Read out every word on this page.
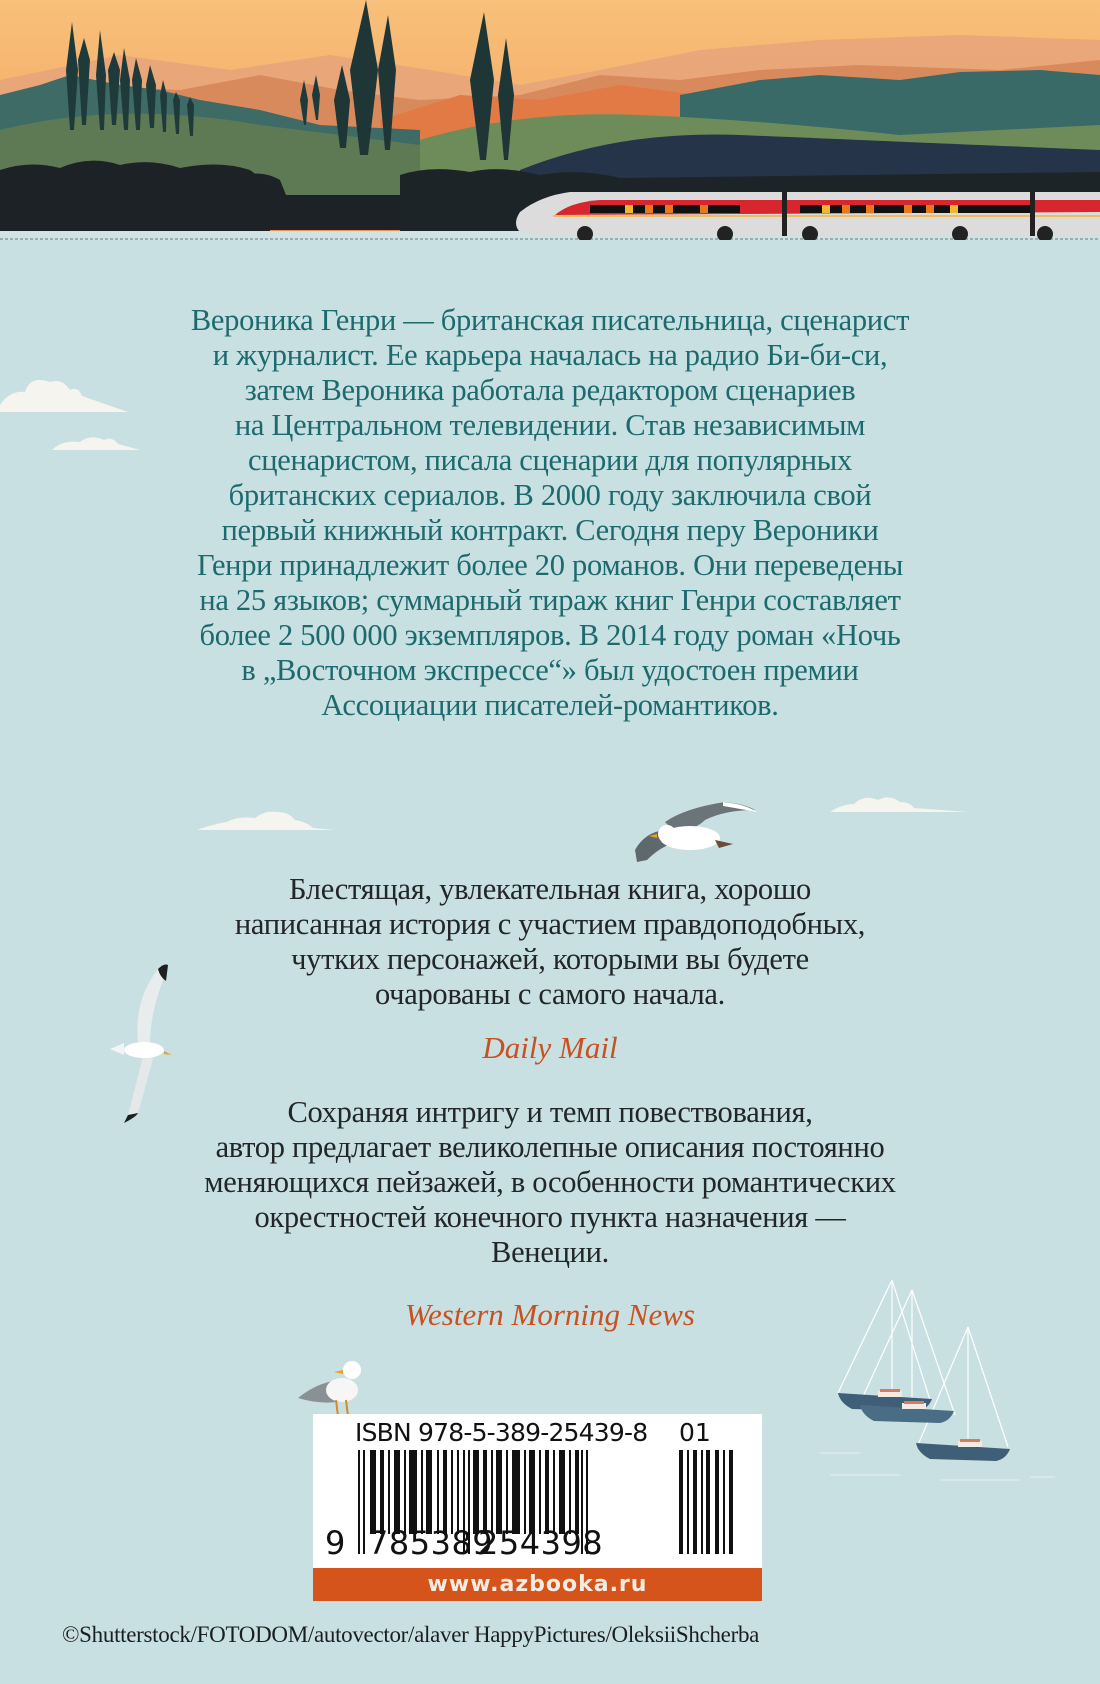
Вероника Генри — британская писательница, сценарист
и журналист. Ее карьера началась на радио Би-би-си,
затем Вероника работала редактором сценариев
на Центральном телевидении. Став независимым
сценаристом, писала сценарии для популярных
британских сериалов. В 2000 году заключила свой
первый книжный контракт. Сегодня перу Вероники
Генри принадлежит более 20 романов. Они переведены
на 25 языков; суммарный тираж книг Генри составляет
более 2 500 000 экземпляров. В 2014 году роман «Ночь
в „Восточном экспрессе“» был удостоен премии
Ассоциации писателей-романтиков.
Блестящая, увлекательная книга, хорошо
написанная история с участием правдоподобных,
чутких персонажей, которыми вы будете
очарованы с самого начала.
Daily Mail
Сохраняя интригу и темп повествования,
автор предлагает великолепные описания постоянно
меняющихся пейзажей, в особенности романтических
окрестностей конечного пункта назначения —
Венеции.
Western Morning News
ISBN 978-5-389-25439-8 01
9 785389
254398
www.azbooka.ru
©Shutterstock/FOTODOM/autovector/alaver HappyPictures/OleksiiShcherba
